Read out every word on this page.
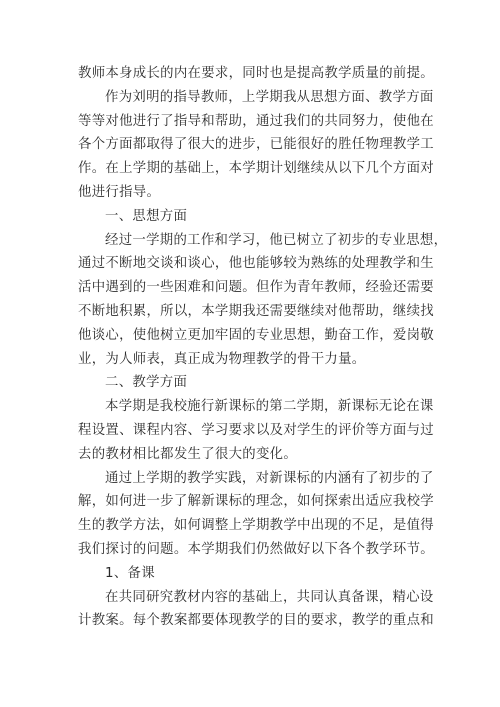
教师本身成长的内在要求，同时也是提高教学质量的前提。
作为刘明的指导教师，上学期我从思想方面、教学方面
等等对他进行了指导和帮助，通过我们的共同努力，使他在
各个方面都取得了很大的进步，已能很好的胜任物理教学工
作。在上学期的基础上，本学期计划继续从以下几个方面对
他进行指导。
一、思想方面
经过一学期的工作和学习，他已树立了初步的专业思想，
通过不断地交谈和谈心，他也能够较为熟练的处理教学和生
活中遇到的一些困难和问题。但作为青年教师，经验还需要
不断地积累，所以，本学期我还需要继续对他帮助，继续找
他谈心，使他树立更加牢固的专业思想，勤奋工作，爱岗敬
业，为人师表，真正成为物理教学的骨干力量。
二、教学方面
本学期是我校施行新课标的第二学期，新课标无论在课
程设置、课程内容、学习要求以及对学生的评价等方面与过
去的教材相比都发生了很大的变化。
通过上学期的教学实践，对新课标的内涵有了初步的了
解，如何进一步了解新课标的理念，如何探索出适应我校学
生的教学方法，如何调整上学期教学中出现的不足，是值得
我们探讨的问题。本学期我们仍然做好以下各个教学环节。
1、备课
在共同研究教材内容的基础上，共同认真备课，精心设
计教案。每个教案都要体现教学的目的要求，教学的重点和
